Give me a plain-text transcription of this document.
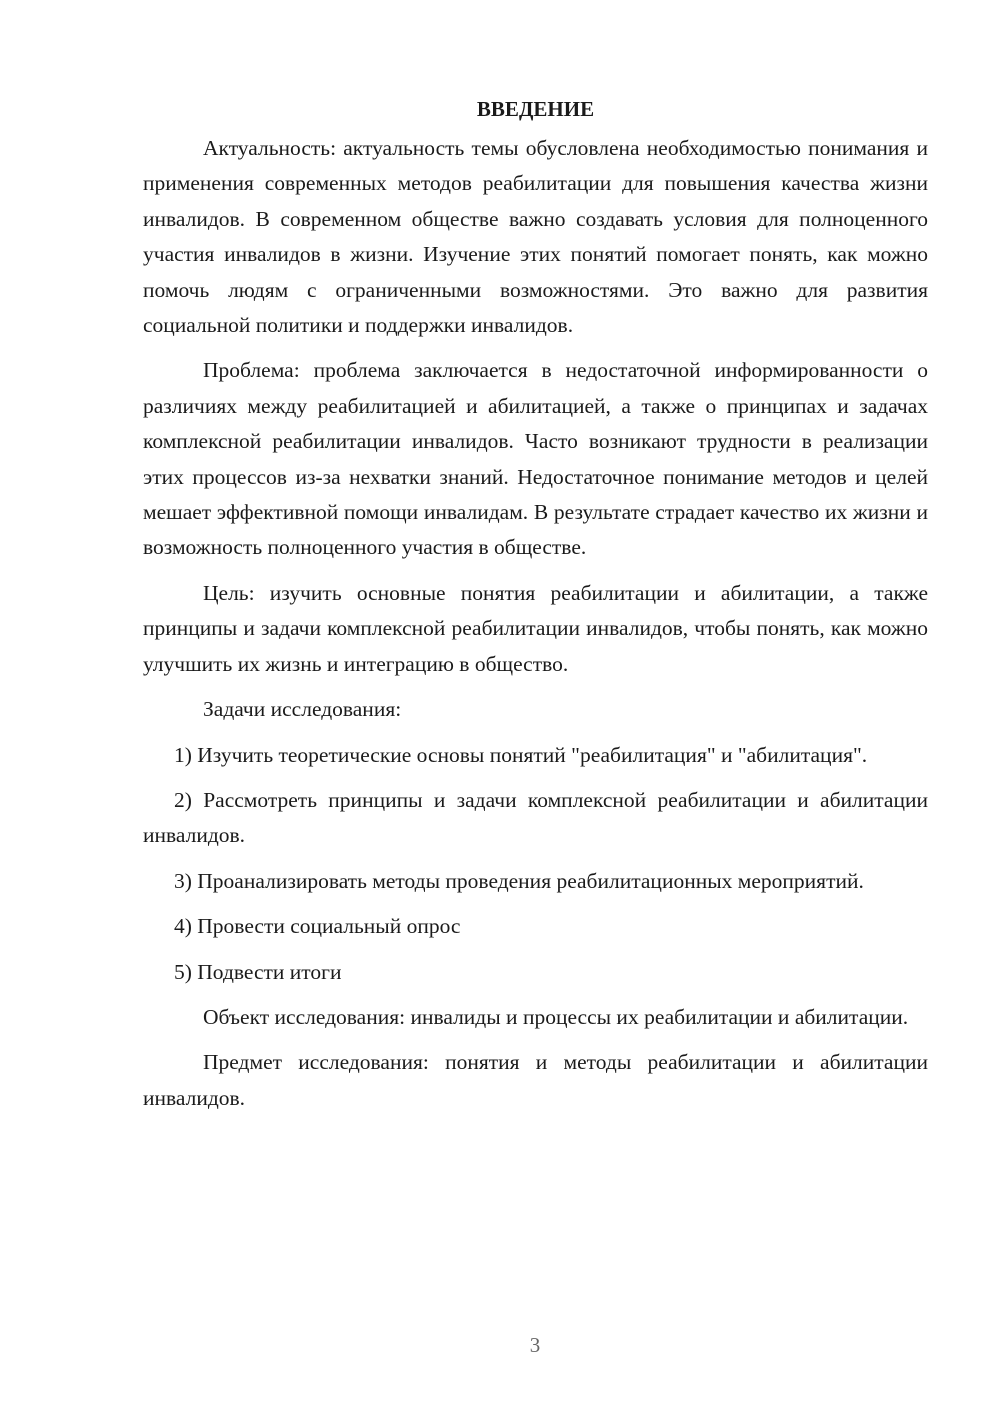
ВВЕДЕНИЕ

Актуальность: актуальность темы обусловлена необходимостью понимания и применения современных методов реабилитации для повышения качества жизни инвалидов. В современном обществе важно создавать условия для полноценного участия инвалидов в жизни. Изучение этих понятий помогает понять, как можно помочь людям с ограниченными возможностями. Это важно для развития социальной политики и поддержки инвалидов.

Проблема: проблема заключается в недостаточной информированности о различиях между реабилитацией и абилитацией, а также о принципах и задачах комплексной реабилитации инвалидов. Часто возникают трудности в реализации этих процессов из-за нехватки знаний. Недостаточное понимание методов и целей мешает эффективной помощи инвалидам. В результате страдает качество их жизни и возможность полноценного участия в обществе.

Цель: изучить основные понятия реабилитации и абилитации, а также принципы и задачи комплексной реабилитации инвалидов, чтобы понять, как можно улучшить их жизнь и интеграцию в общество.

Задачи исследования:

1) Изучить теоретические основы понятий "реабилитация" и "абилитация".

2) Рассмотреть принципы и задачи комплексной реабилитации и абилитации инвалидов.

3) Проанализировать методы проведения реабилитационных мероприятий.

4) Провести социальный опрос

5) Подвести итоги

Объект исследования: инвалиды и процессы их реабилитации и абилитации.

Предмет исследования: понятия и методы реабилитации и абилитации инвалидов.

3
